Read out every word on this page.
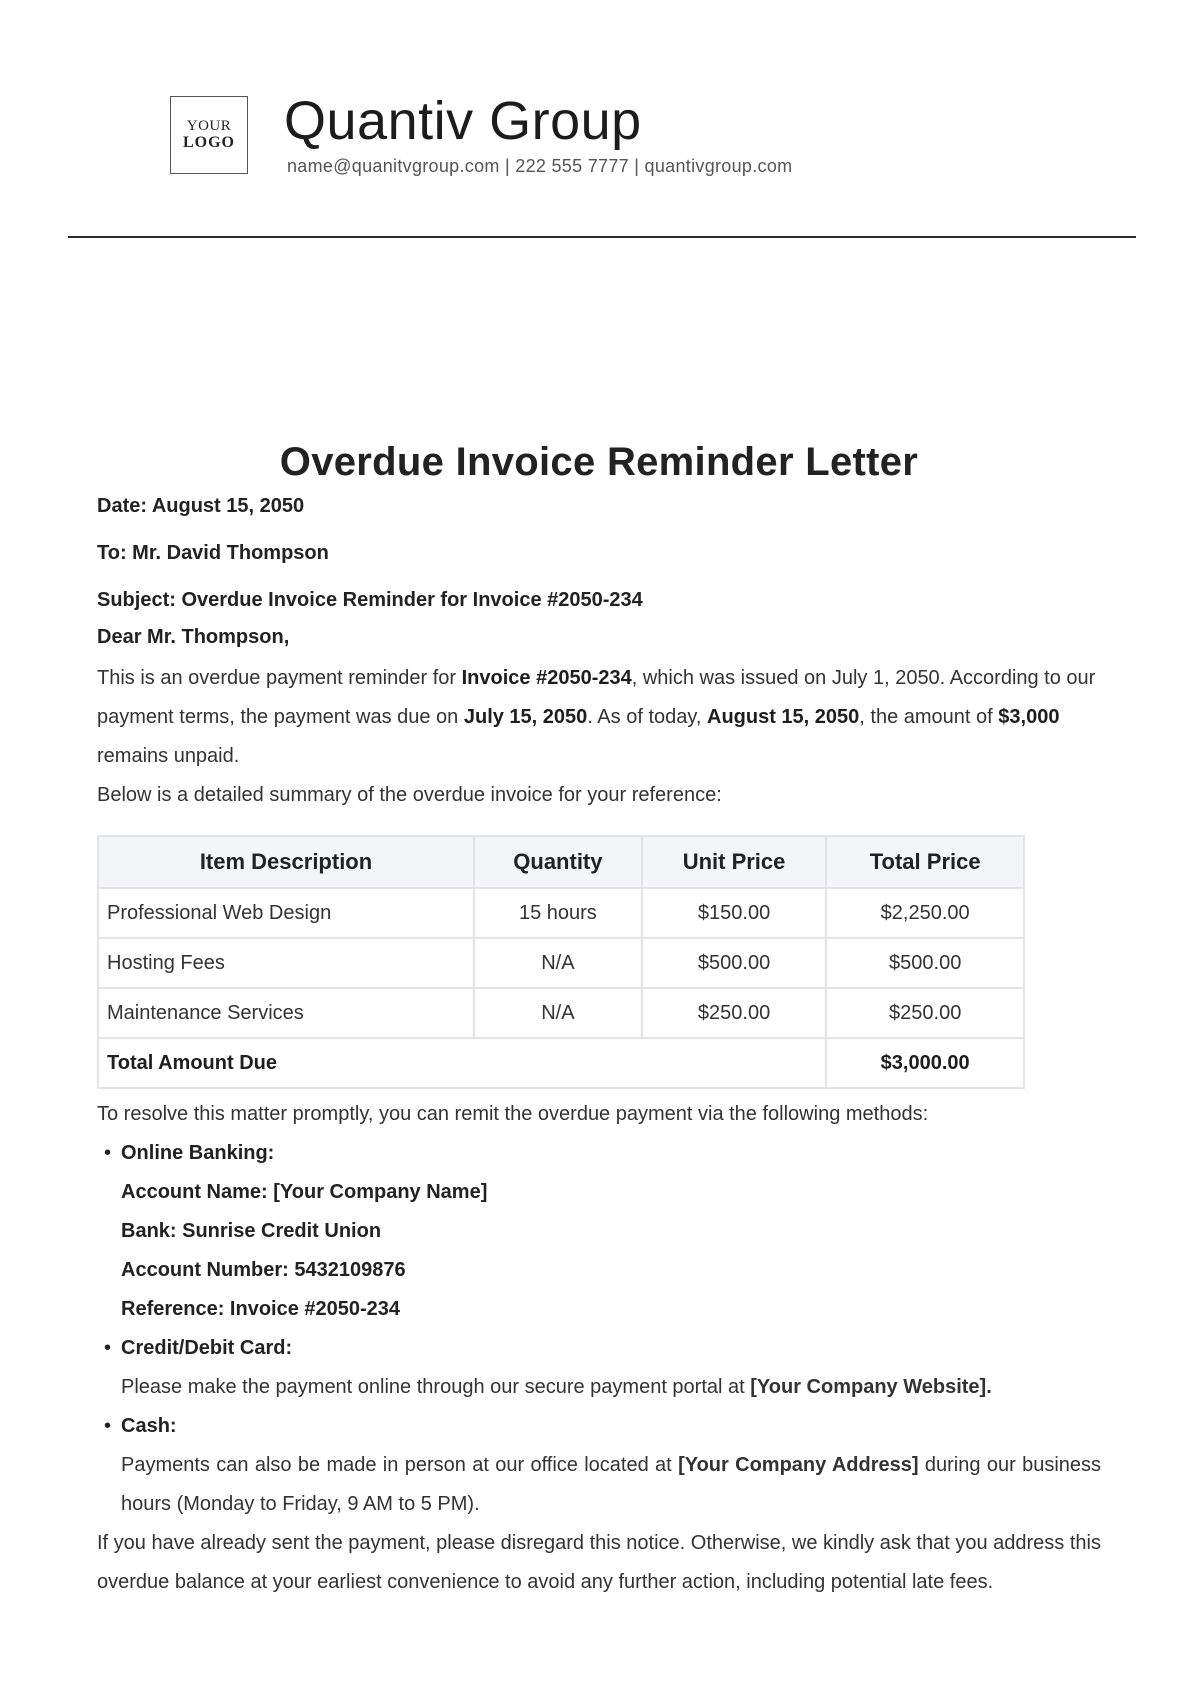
YOUR
LOGO Quantiv Group
name@quanitvgroup.com | 222 555 7777 | quantivgroup.com
Overdue Invoice Reminder Letter
Date: August 15, 2050
To: Mr. David Thompson
Subject: Overdue Invoice Reminder for Invoice #2050-234
Dear Mr. Thompson,
This is an overdue payment reminder for Invoice #2050-234, which was issued on July 1, 2050. According to our payment terms, the payment was due on July 15, 2050. As of today, August 15, 2050, the amount of $3,000 remains unpaid.
Below is a detailed summary of the overdue invoice for your reference:
Item Description	Quantity	Unit Price	Total Price
Professional Web Design	15 hours	$150.00	$2,250.00
Hosting Fees	N/A	$500.00	$500.00
Maintenance Services	N/A	$250.00	$250.00
Total Amount Due			$3,000.00
To resolve this matter promptly, you can remit the overdue payment via the following methods:
• Online Banking:
Account Name: [Your Company Name]
Bank: Sunrise Credit Union
Account Number: 5432109876
Reference: Invoice #2050-234
• Credit/Debit Card:
Please make the payment online through our secure payment portal at [Your Company Website].
• Cash:
Payments can also be made in person at our office located at [Your Company Address] during our business hours (Monday to Friday, 9 AM to 5 PM).
If you have already sent the payment, please disregard this notice. Otherwise, we kindly ask that you address this overdue balance at your earliest convenience to avoid any further action, including potential late fees.
